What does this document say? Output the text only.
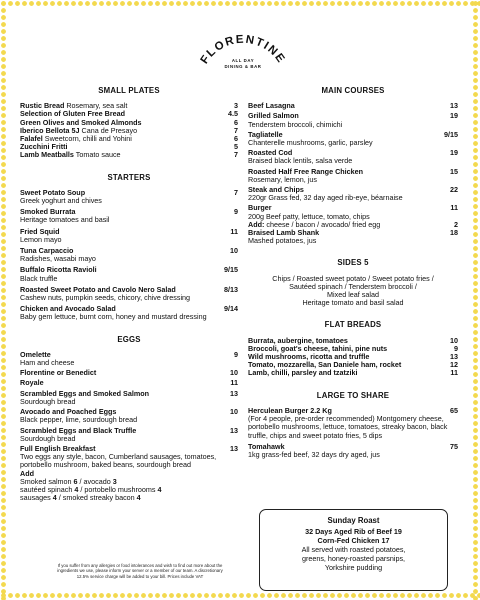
FLORENTINE
ALL DAY
DINING & BAR
SMALL PLATES
Rustic Bread Rosemary, sea salt	3
Selection of Gluten Free Bread	4.5
Green Olives and Smoked Almonds	6
Iberico Bellota 5J Cana de Presayo	7
Falafel Sweetcorn, chilli and Yohini	6
Zucchini Fritti	5
Lamb Meatballs Tomato sauce	7
STARTERS
Sweet Potato Soup	7
Greek yoghurt and chives
Smoked Burrata	9
Heritage tomatoes and basil
Fried Squid	11
Lemon mayo
Tuna Carpaccio	10
Radishes, wasabi mayo
Buffalo Ricotta Ravioli	9/15
Black truffle
Roasted Sweet Potato and Cavolo Nero Salad	8/13
Cashew nuts, pumpkin seeds, chicory, chive dressing
Chicken and Avocado Salad	9/14
Baby gem lettuce, burnt corn, honey and mustard dressing
EGGS
Omelette	9
Ham and cheese
Florentine or Benedict	10
Royale	11
Scrambled Eggs and Smoked Salmon	13
Sourdough bread
Avocado and Poached Eggs	10
Black pepper, lime, sourdough bread
Scrambled Eggs and Black Truffle	13
Sourdough bread
Full English Breakfast	13
Two eggs any style, bacon, Cumberland sausages, tomatoes, portobello mushroom, baked beans, sourdough bread
Add
Smoked salmon 6 / avocado 3
sautéed spinach 4 / portobello mushrooms 4
sausages 4 / smoked streaky bacon 4
If you suffer from any allergies or food intolerances and wish to find out more about the ingredients we use, please inform your server or a member of our team. A discretionary 12.5% service charge will be added to your bill. Prices include VAT
MAIN COURSES
Beef Lasagna	13
Grilled Salmon	19
Tenderstem broccoli, chimichi
Tagliatelle	9/15
Chanterelle mushrooms, garlic, parsley
Roasted Cod	19
Braised black lentils, salsa verde
Roasted Half Free Range Chicken	15
Rosemary, lemon, jus
Steak and Chips	22
220gr Grass fed, 32 day aged rib-eye, béarnaise
Burger	11
200g Beef patty, lettuce, tomato, chips
Add: cheese / bacon / avocado/ fried egg	2
Braised Lamb Shank	18
Mashed potatoes, jus
SIDES 5
Chips / Roasted sweet potato / Sweet potato fries /
Sautéed spinach / Tenderstem broccoli /
Mixed leaf salad
Heritage tomato and basil salad
FLAT BREADS
Burrata, aubergine, tomatoes	10
Broccoli, goat's cheese, tahini, pine nuts	9
Wild mushrooms, ricotta and truffle	13
Tomato, mozzarella, San Daniele ham, rocket	12
Lamb, chilli, parsley and tzatziki	11
LARGE TO SHARE
Herculean Burger 2.2 Kg	65
(For 4 people, pre-order recommended) Montgomery cheese, portobello mushrooms, lettuce, tomatoes, streaky bacon, black truffle, chips and sweet potato fries, 5 dips
Tomahawk	75
1kg grass-fed beef, 32 days dry aged, jus
Sunday Roast
32 Days Aged Rib of Beef 19
Corn-Fed Chicken 17
All served with roasted potatoes,
greens, honey-roasted parsnips,
Yorkshire pudding
